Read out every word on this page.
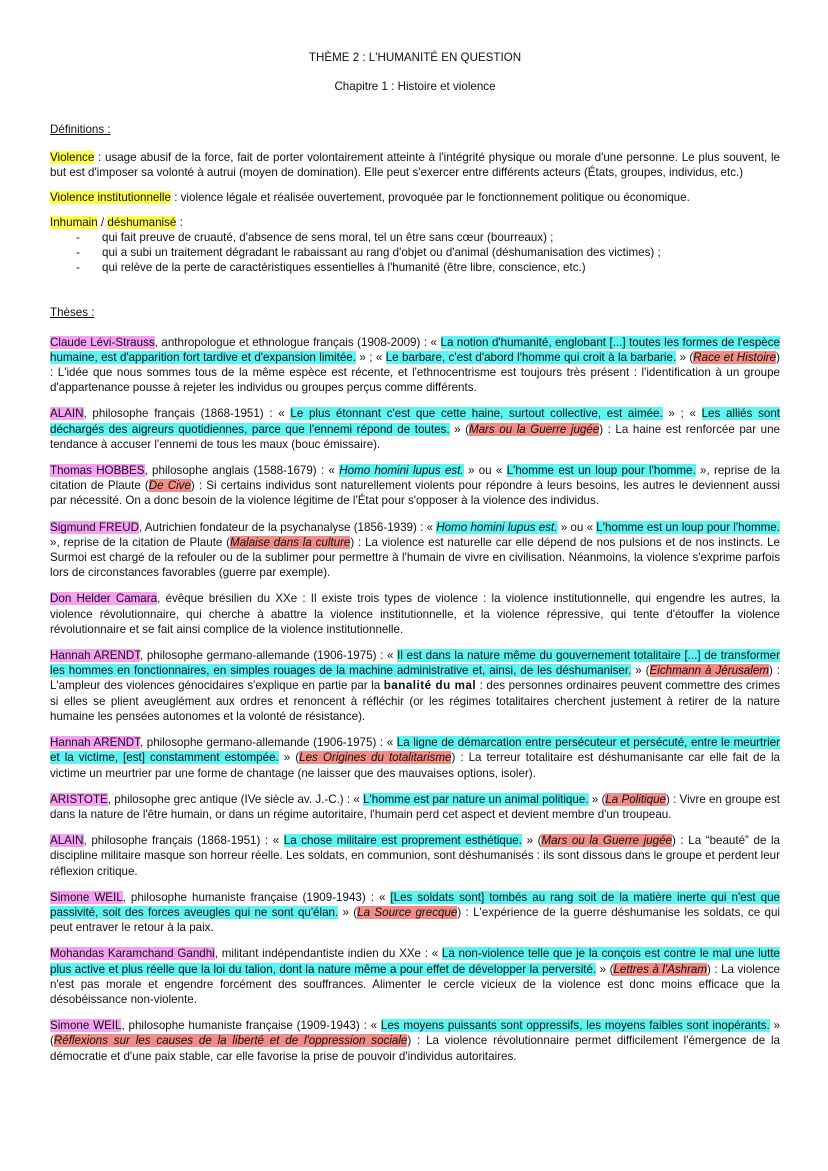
THÈME 2 : L'HUMANITÉ EN QUESTION
Chapitre 1 : Histoire et violence
Définitions :

Violence : usage abusif de la force, fait de porter volontairement atteinte à l'intégrité physique ou morale d'une personne. Le plus souvent, le but est d'imposer sa volonté à autrui (moyen de domination). Elle peut s'exercer entre différents acteurs (États, groupes, individus, etc.)

Violence institutionnelle : violence légale et réalisée ouvertement, provoquée par le fonctionnement politique ou économique.

Inhumain / déshumanisé :

- qui fait preuve de cruauté, d'absence de sens moral, tel un être sans cœur (bourreaux) ;
- qui a subi un traitement dégradant le rabaissant au rang d'objet ou d'animal (déshumanisation des victimes) ;
- qui relève de la perte de caractéristiques essentielles à l'humanité (être libre, conscience, etc.)
Thèses :

Claude Lévi-Strauss, anthropologue et ethnologue français (1908-2009) : « La notion d'humanité, englobant [...] toutes les formes de l'espèce humaine, est d'apparition fort tardive et d'expansion limitée. » ; « Le barbare, c'est d'abord l'homme qui croit à la barbarie. » (Race et Histoire) : L'idée que nous sommes tous de la même espèce est récente, et l'ethnocentrisme est toujours très présent : l'identification à un groupe d'appartenance pousse à rejeter les individus ou groupes perçus comme différents.

ALAIN, philosophe français (1868-1951) : « Le plus étonnant c'est que cette haine, surtout collective, est aimée. » ; « Les alliés sont déchargés des aigreurs quotidiennes, parce que l'ennemi répond de toutes. » (Mars ou la Guerre jugée) : La haine est renforcée par une tendance à accuser l'ennemi de tous les maux (bouc émissaire).

Thomas HOBBES, philosophe anglais (1588-1679) : « Homo homini lupus est. » ou « L'homme est un loup pour l'homme. », reprise de la citation de Plaute (De Cive) : Si certains individus sont naturellement violents pour répondre à leurs besoins, les autres le deviennent aussi par nécessité. On a donc besoin de la violence légitime de l'État pour s'opposer à la violence des individus.

Sigmund FREUD, Autrichien fondateur de la psychanalyse (1856-1939) : « Homo homini lupus est. » ou « L'homme est un loup pour l'homme. », reprise de la citation de Plaute (Malaise dans la culture) : La violence est naturelle car elle dépend de nos pulsions et de nos instincts. Le Surmoi est chargé de la refouler ou de la sublimer pour permettre à l'humain de vivre en civilisation. Néanmoins, la violence s'exprime parfois lors de circonstances favorables (guerre par exemple).

Don Helder Camara, évêque brésilien du XXe : Il existe trois types de violence : la violence institutionnelle, qui engendre les autres, la violence révolutionnaire, qui cherche à abattre la violence institutionnelle, et la violence répressive, qui tente d'étouffer la violence révolutionnaire et se fait ainsi complice de la violence institutionnelle.

Hannah ARENDT, philosophe germano-allemande (1906-1975) : « Il est dans la nature même du gouvernement totalitaire [...] de transformer les hommes en fonctionnaires, en simples rouages de la machine administrative et, ainsi, de les déshumaniser. » (Eichmann à Jérusalem) : L'ampleur des violences génocidaires s'explique en partie par la banalité du mal : des personnes ordinaires peuvent commettre des crimes si elles se plient aveuglément aux ordres et renoncent à réfléchir (or les régimes totalitaires cherchent justement à retirer de la nature humaine les pensées autonomes et la volonté de résistance).

Hannah ARENDT, philosophe germano-allemande (1906-1975) : « La ligne de démarcation entre persécuteur et persécuté, entre le meurtrier et la victime, [est] constamment estompée. » (Les Origines du totalitarisme) : La terreur totalitaire est déshumanisante car elle fait de la victime un meurtrier par une forme de chantage (ne laisser que des mauvaises options, isoler).

ARISTOTE, philosophe grec antique (IVe siècle av. J.-C.) : « L'homme est par nature un animal politique. » (La Politique) : Vivre en groupe est dans la nature de l'être humain, or dans un régime autoritaire, l'humain perd cet aspect et devient membre d'un troupeau.

ALAIN, philosophe français (1868-1951) : « La chose militaire est proprement esthétique. » (Mars ou la Guerre jugée) : La “beauté” de la discipline militaire masque son horreur réelle. Les soldats, en communion, sont déshumanisés : ils sont dissous dans le groupe et perdent leur réflexion critique.

Simone WEIL, philosophe humaniste française (1909-1943) : « [Les soldats sont] tombés au rang soit de la matière inerte qui n'est que passivité, soit des forces aveugles qui ne sont qu'élan. » (La Source grecque) : L'expérience de la guerre déshumanise les soldats, ce qui peut entraver le retour à la paix.

Mohandas Karamchand Gandhi, militant indépendantiste indien du XXe : « La non-violence telle que je la conçois est contre le mal une lutte plus active et plus réelle que la loi du talion, dont la nature même a pour effet de développer la perversité. » (Lettres à l'Ashram) : La violence n'est pas morale et engendre forcément des souffrances. Alimenter le cercle vicieux de la violence est donc moins efficace que la désobéissance non-violente.

Simone WEIL, philosophe humaniste française (1909-1943) : « Les moyens puissants sont oppressifs, les moyens faibles sont inopérants. » (Réflexions sur les causes de la liberté et de l'oppression sociale) : La violence révolutionnaire permet difficilement l'émergence de la démocratie et d'une paix stable, car elle favorise la prise de pouvoir d'individus autoritaires.
